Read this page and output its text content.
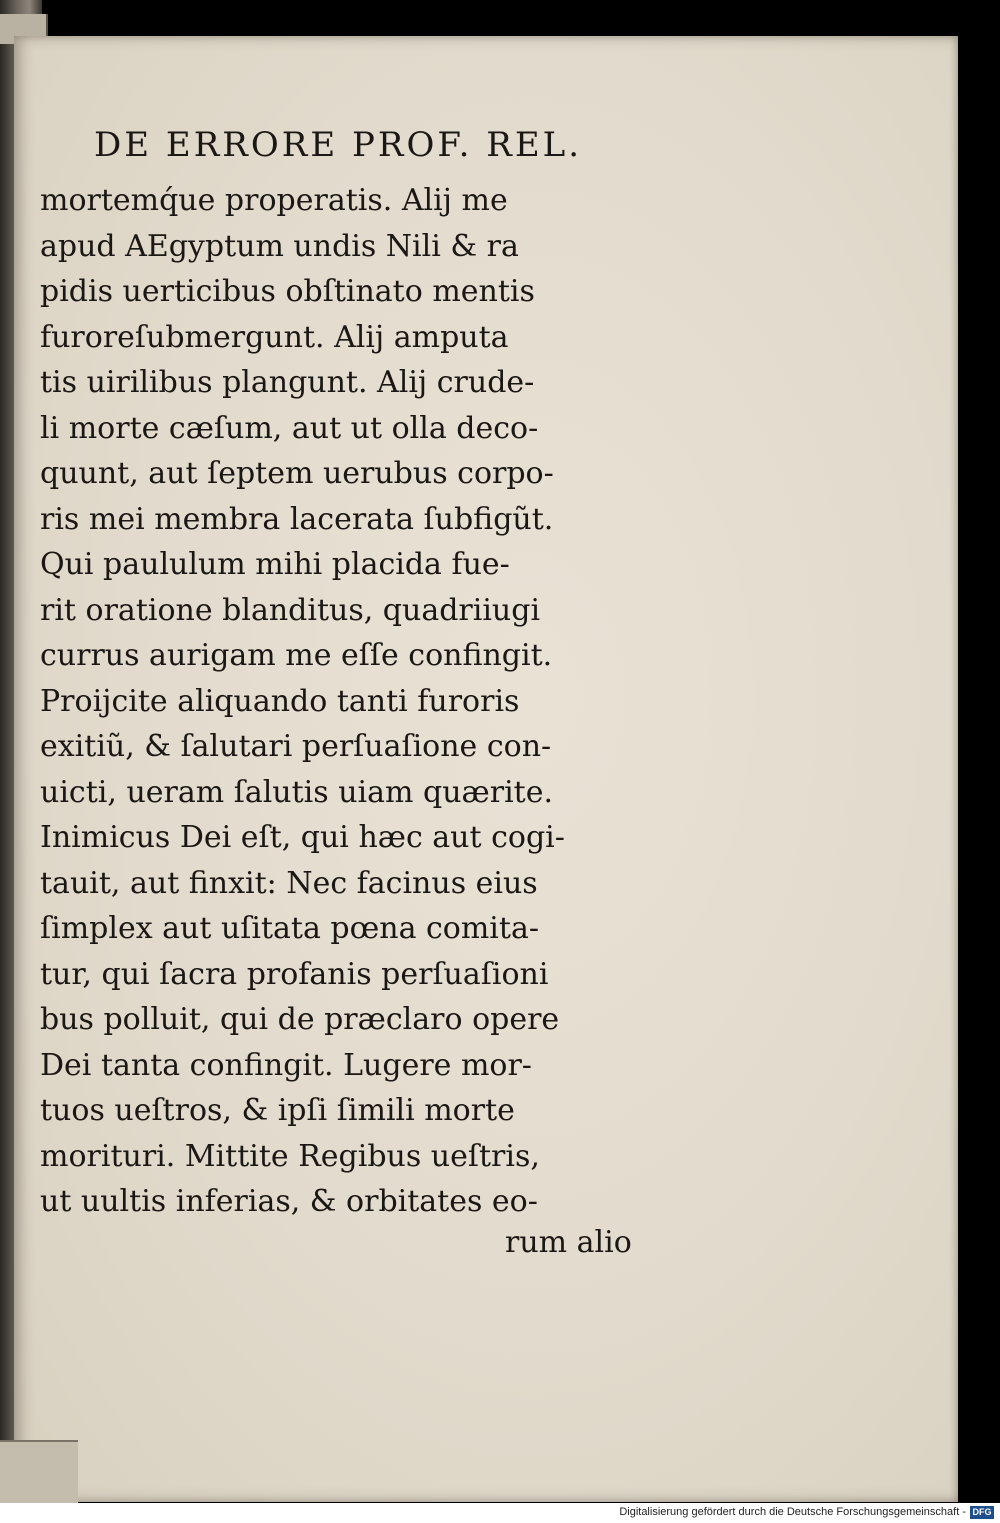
DE ERRORE PROF. REL.
mortemq́ue properatis. Alij me
apud AEgyptum undis Nili & ra
pidis uerticibus obſtinato mentis
furoreſubmergunt. Alij amputa
tis uirilibus plangunt. Alij crude-
li morte cæſum, aut ut olla deco-
quunt, aut ſeptem uerubus corpo-
ris mei membra lacerata ſubfigũt.
Qui paululum mihi placida fue-
rit oratione blanditus, quadriiugi
currus aurigam me eſſe confingit.
Proijcite aliquando tanti furoris
exitiũ, & ſalutari perſuaſione con-
uicti, ueram ſalutis uiam quærite.
Inimicus Dei eſt, qui hæc aut cogi-
tauit, aut finxit: Nec facinus eius
ſimplex aut uſitata pœna comita-
tur, qui ſacra profanis perſuaſioni
bus polluit, qui de præclaro opere
Dei tanta confingit. Lugere mor-
tuos ueſtros, & ipſi ſimili morte
morituri. Mittite Regibus ueſtris,
ut uultis inferias, & orbitates eo-
rum alio
Digitalisierung gefördert durch die Deutsche Forschungsgemeinschaft - DFG
